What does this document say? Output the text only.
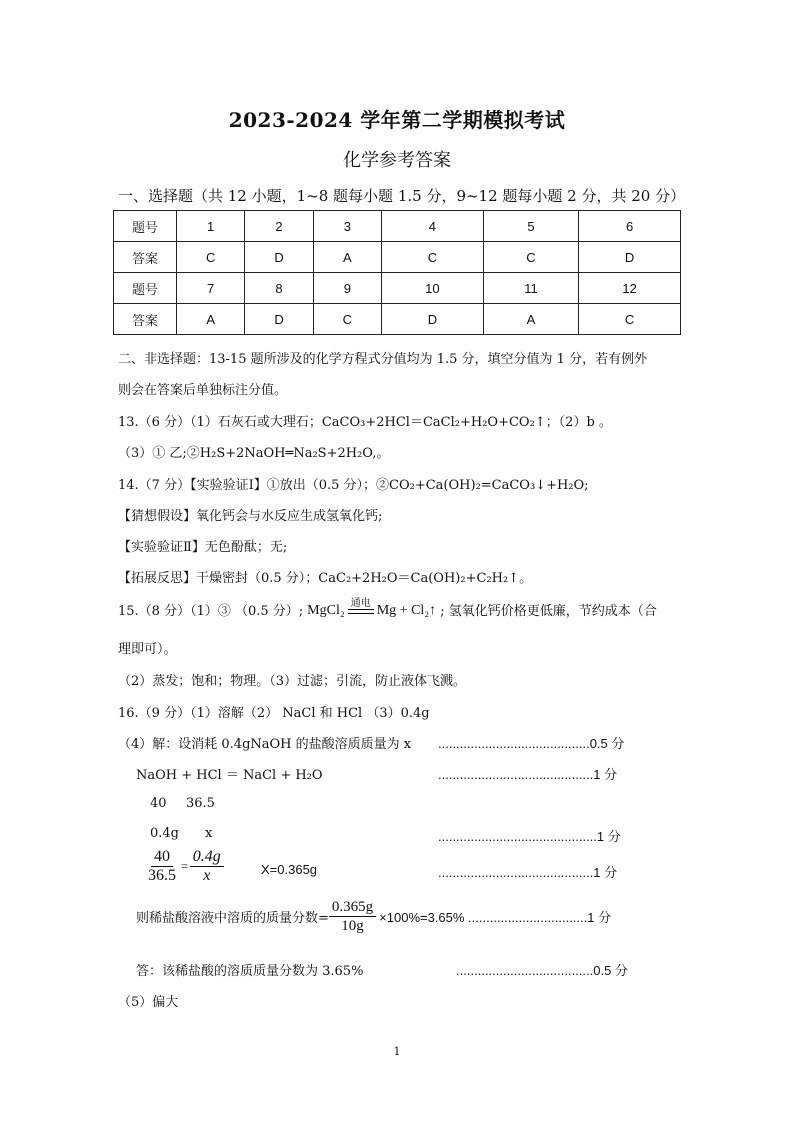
2023-2024 学年第二学期模拟考试
化学参考答案
一、选择题（共 12 小题，1~8 题每小题 1.5 分，9~12 题每小题 2 分，共 20 分）
题号	1	2	3	4	5	6
答案	C	D	A	C	C	D
题号	7	8	9	10	11	12
答案	A	D	C	D	A	C
二、非选择题：13-15 题所涉及的化学方程式分值均为 1.5 分，填空分值为 1 分，若有例外
则会在答案后单独标注分值。
13.（6 分）（1）石灰石或大理石；CaCO₃+2HCl＝CaCl₂+H₂O+CO₂↑；（2）b 。
（3）① 乙;②H₂S+2NaOH═Na₂S+2H₂O,。
14.（7 分）【实验验证Ⅰ】①放出（0.5 分）；②CO₂+Ca(OH)₂=CaCO₃↓+H₂O;
【猜想假设】氧化钙会与水反应生成氢氧化钙;
【实验验证Ⅱ】无色酚酞；无;
【拓展反思】干燥密封（0.5 分）；CaC₂+2H₂O＝Ca(OH)₂+C₂H₂↑。
15.（8 分）（1）③ （0.5 分）; MgCl₂ 通电 Mg + Cl₂↑ ; 氢氧化钙价格更低廉，节约成本（合
理即可）。
（2）蒸发；饱和；物理。（3）过滤；引流，防止液体飞溅。
16.（9 分）（1）溶解（2） NaCl 和 HCl （3）0.4g
（4）解：设消耗 0.4gNaOH 的盐酸溶质质量为 x ..........................................0.5 分
NaOH + HCl ＝ NaCl + H₂O	...........................................1 分
40 36.5
0.4g x	............................................1 分
$\frac{40}{36.5} = \frac{0.4g}{x}$	X=0.365g	...........................................1 分
则稀盐酸溶液中溶质的质量分数= $\frac{0.365g}{10g} \times 100\%=3.65\%$ .................................1 分
答：该稀盐酸的溶质质量分数为 3.65%	......................................0.5 分
（5）偏大
1
